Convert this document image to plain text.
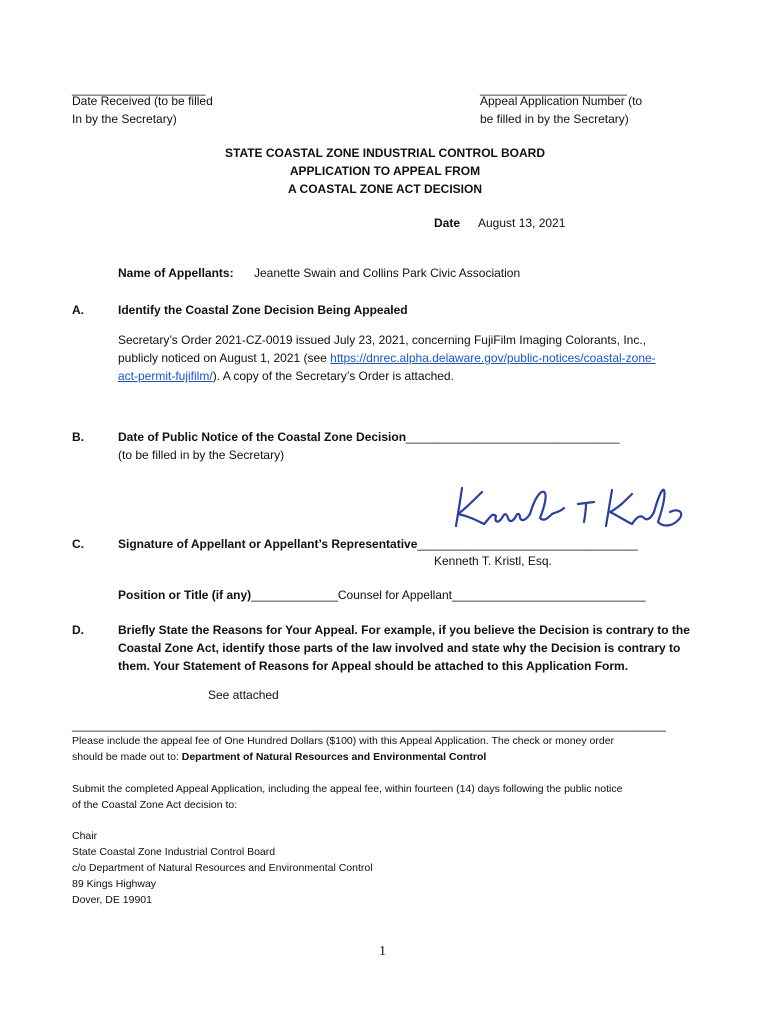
____________________
Date Received (to be filled
In by the Secretary)
______________________
Appeal Application Number (to
be filled in by the Secretary)
STATE COASTAL ZONE INDUSTRIAL CONTROL BOARD
APPLICATION TO APPEAL FROM
A COASTAL ZONE ACT DECISION
Date August 13, 2021
Name of Appellants: Jeanette Swain and Collins Park Civic Association
A.	Identify the Coastal Zone Decision Being Appealed
Secretary’s Order 2021-CZ-0019 issued July 23, 2021, concerning FujiFilm Imaging Colorants, Inc.,
publicly noticed on August 1, 2021 (see https://dnrec.alpha.delaware.gov/public-notices/coastal-zone-
act-permit-fujifilm/). A copy of the Secretary’s Order is attached.
B.	Date of Public Notice of the Coastal Zone Decision________________________________
(to be filled in by the Secretary)
C.	Signature of Appellant or Appellant’s Representative_________________________________
Kenneth T. Kristl, Esq.
Position or Title (if any)_____________Counsel for Appellant_____________________________
D.	Briefly State the Reasons for Your Appeal. For example, if you believe the Decision is contrary to the
Coastal Zone Act, identify those parts of the law involved and state why the Decision is contrary to
them. Your Statement of Reasons for Appeal should be attached to this Application Form.
See attached
_________________________________________________________________________________________
Please include the appeal fee of One Hundred Dollars ($100) with this Appeal Application. The check or money order
should be made out to: Department of Natural Resources and Environmental Control
Submit the completed Appeal Application, including the appeal fee, within fourteen (14) days following the public notice
of the Coastal Zone Act decision to:
Chair
State Coastal Zone Industrial Control Board
c/o Department of Natural Resources and Environmental Control
89 Kings Highway
Dover, DE 19901
1
